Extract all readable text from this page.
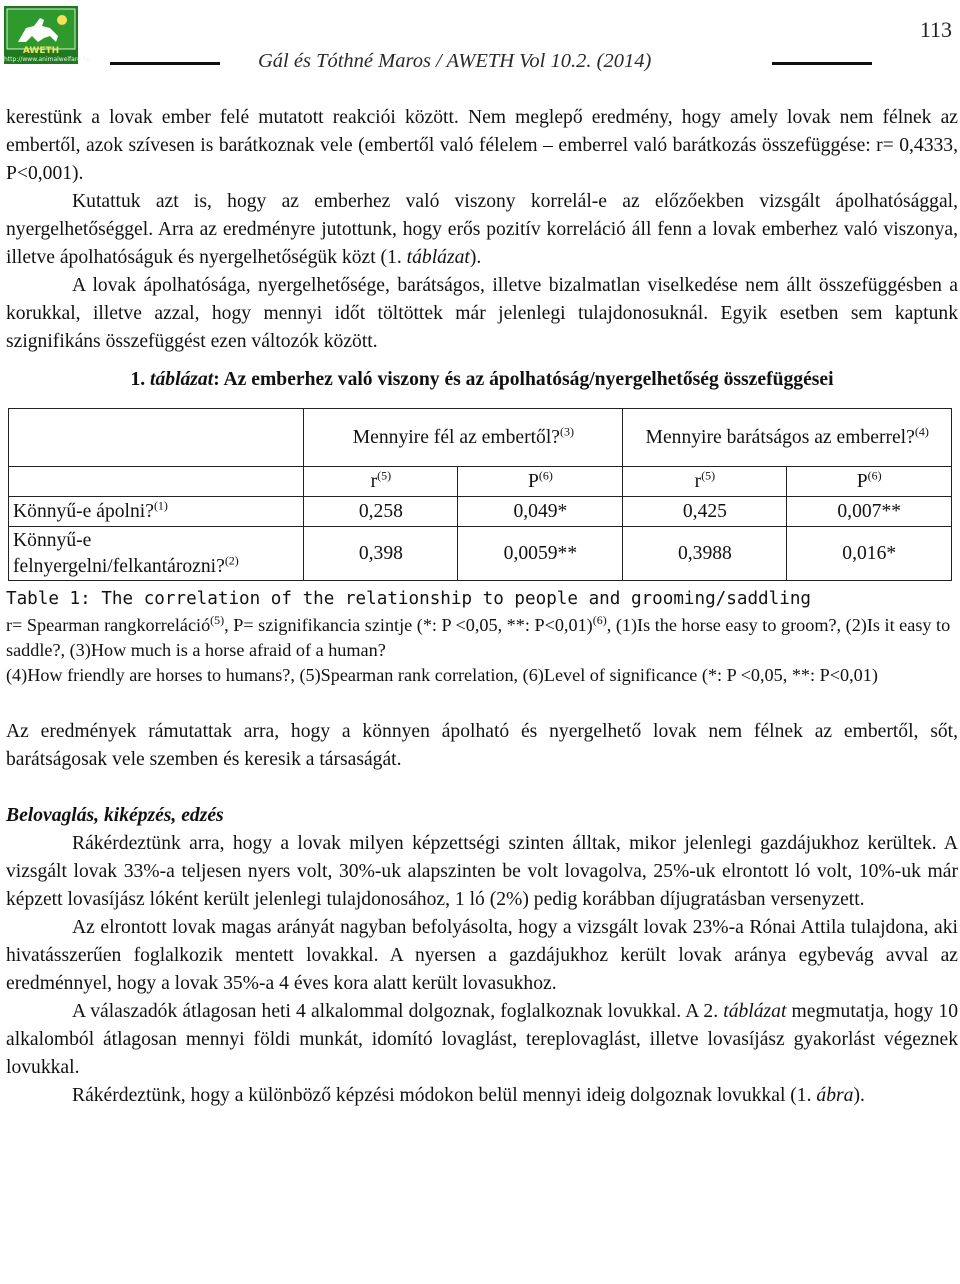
AWETH
http://www.animalwelfare.hu	Gál és Tóthné Maros / AWETH Vol 10.2. (2014)
113

kerestünk a lovak ember felé mutatott reakciói között. Nem meglepő eredmény, hogy amely lovak nem félnek az embertől, azok szívesen is barátkoznak vele (embertől való félelem – emberrel való barátkozás összefüggése: r= 0,4333, P<0,001).

Kutattuk azt is, hogy az emberhez való viszony korrelál-e az előzőekben vizsgált ápolhatósággal, nyergelhetőséggel. Arra az eredményre jutottunk, hogy erős pozitív korreláció áll fenn a lovak emberhez való viszonya, illetve ápolhatóságuk és nyergelhetőségük közt (1. táblázat).

A lovak ápolhatósága, nyergelhetősége, barátságos, illetve bizalmatlan viselkedése nem állt összefüggésben a korukkal, illetve azzal, hogy mennyi időt töltöttek már jelenlegi tulajdonosuknál. Egyik esetben sem kaptunk szignifikáns összefüggést ezen változók között.

1. táblázat: Az emberhez való viszony és az ápolhatóság/nyergelhetőség összefüggései

	Mennyire fél az embertől?$^{(3)}$		Mennyire barátságos az emberrel?$^{(4)}$
	$r^{(5)}$	$P^{(6)}$	$r^{(5)}$	$P^{(6)}$
Könnyű-e ápolni?$^{(1)}$	0,258	0,049*	0,425	0,007**
Könnyű-e felnyergelni/felkantározni?$^{(2)}$	0,398	0,0059**	0,3988	0,016*
Table 1: The correlation of the relationship to people and grooming/saddling

r= Spearman rangkorreláció$^{(5)}$, P= szignifikancia szintje (*: P <0,05, **: P<0,01)$^{(6)}$, (1)Is the horse easy to groom?, (2)Is it easy to saddle?, (3)How much is a horse afraid of a human?

(4)How friendly are horses to humans?, (5)Spearman rank correlation, (6)Level of significance (*: P <0,05, **: P<0,01)

Az eredmények rámutattak arra, hogy a könnyen ápolható és nyergelhető lovak nem félnek az embertől, sőt, barátságosak vele szemben és keresik a társaságát.

Belovaglás, kiképzés, edzés

Rákérdeztünk arra, hogy a lovak milyen képzettségi szinten álltak, mikor jelenlegi gazdájukhoz kerültek. A vizsgált lovak 33%-a teljesen nyers volt, 30%-uk alapszinten be volt lovagolva, 25%-uk elrontott ló volt, 10%-uk már képzett lovasíjász lóként került jelenlegi tulajdonosához, 1 ló (2%) pedig korábban díjugratásban versenyzett.

Az elrontott lovak magas arányát nagyban befolyásolta, hogy a vizsgált lovak 23%-a Rónai Attila tulajdona, aki hivatásszerűen foglalkozik mentett lovakkal. A nyersen a gazdájukhoz került lovak aránya egybevág avval az eredménnyel, hogy a lovak 35%-a 4 éves kora alatt került lovasukhoz.

A válaszadók átlagosan heti 4 alkalommal dolgoznak, foglalkoznak lovukkal. A 2. táblázat megmutatja, hogy 10 alkalomból átlagosan mennyi földi munkát, idomító lovaglást, tereplovaglást, illetve lovasíjász gyakorlást végeznek lovukkal.

Rákérdeztünk, hogy a különböző képzési módokon belül mennyi ideig dolgoznak lovukkal (1. ábra).
